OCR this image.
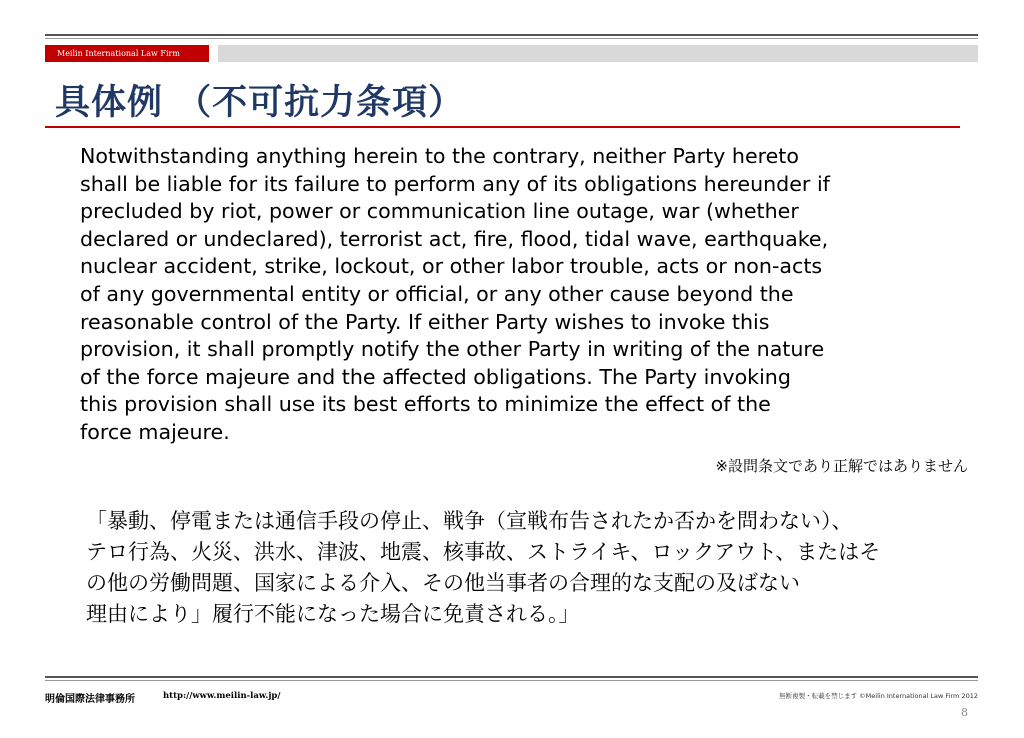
Meilin International Law Firm
具体例 （不可抗力条項）
Notwithstanding anything herein to the contrary, neither Party hereto
shall be liable for its failure to perform any of its obligations hereunder if
precluded by riot, power or communication line outage, war (whether
declared or undeclared), terrorist act, fire, flood, tidal wave, earthquake,
nuclear accident, strike, lockout, or other labor trouble, acts or non-acts
of any governmental entity or official, or any other cause beyond the
reasonable control of the Party. If either Party wishes to invoke this
provision, it shall promptly notify the other Party in writing of the nature
of the force majeure and the affected obligations. The Party invoking
this provision shall use its best efforts to minimize the effect of the
force majeure.
※設問条文であり正解ではありません
「暴動、停電または通信手段の停止、戦争（宣戦布告されたか否かを問わない）、
テロ行為、火災、洪水、津波、地震、核事故、ストライキ、ロックアウト、またはそ
の他の労働問題、国家による介入、その他当事者の合理的な支配の及ばない
理由により」履行不能になった場合に免責される。」
明倫国際法律事務所	http://www.meilin-law.jp/	無断複製・転載を禁じます ©Meilin International Law Firm 2012
8
